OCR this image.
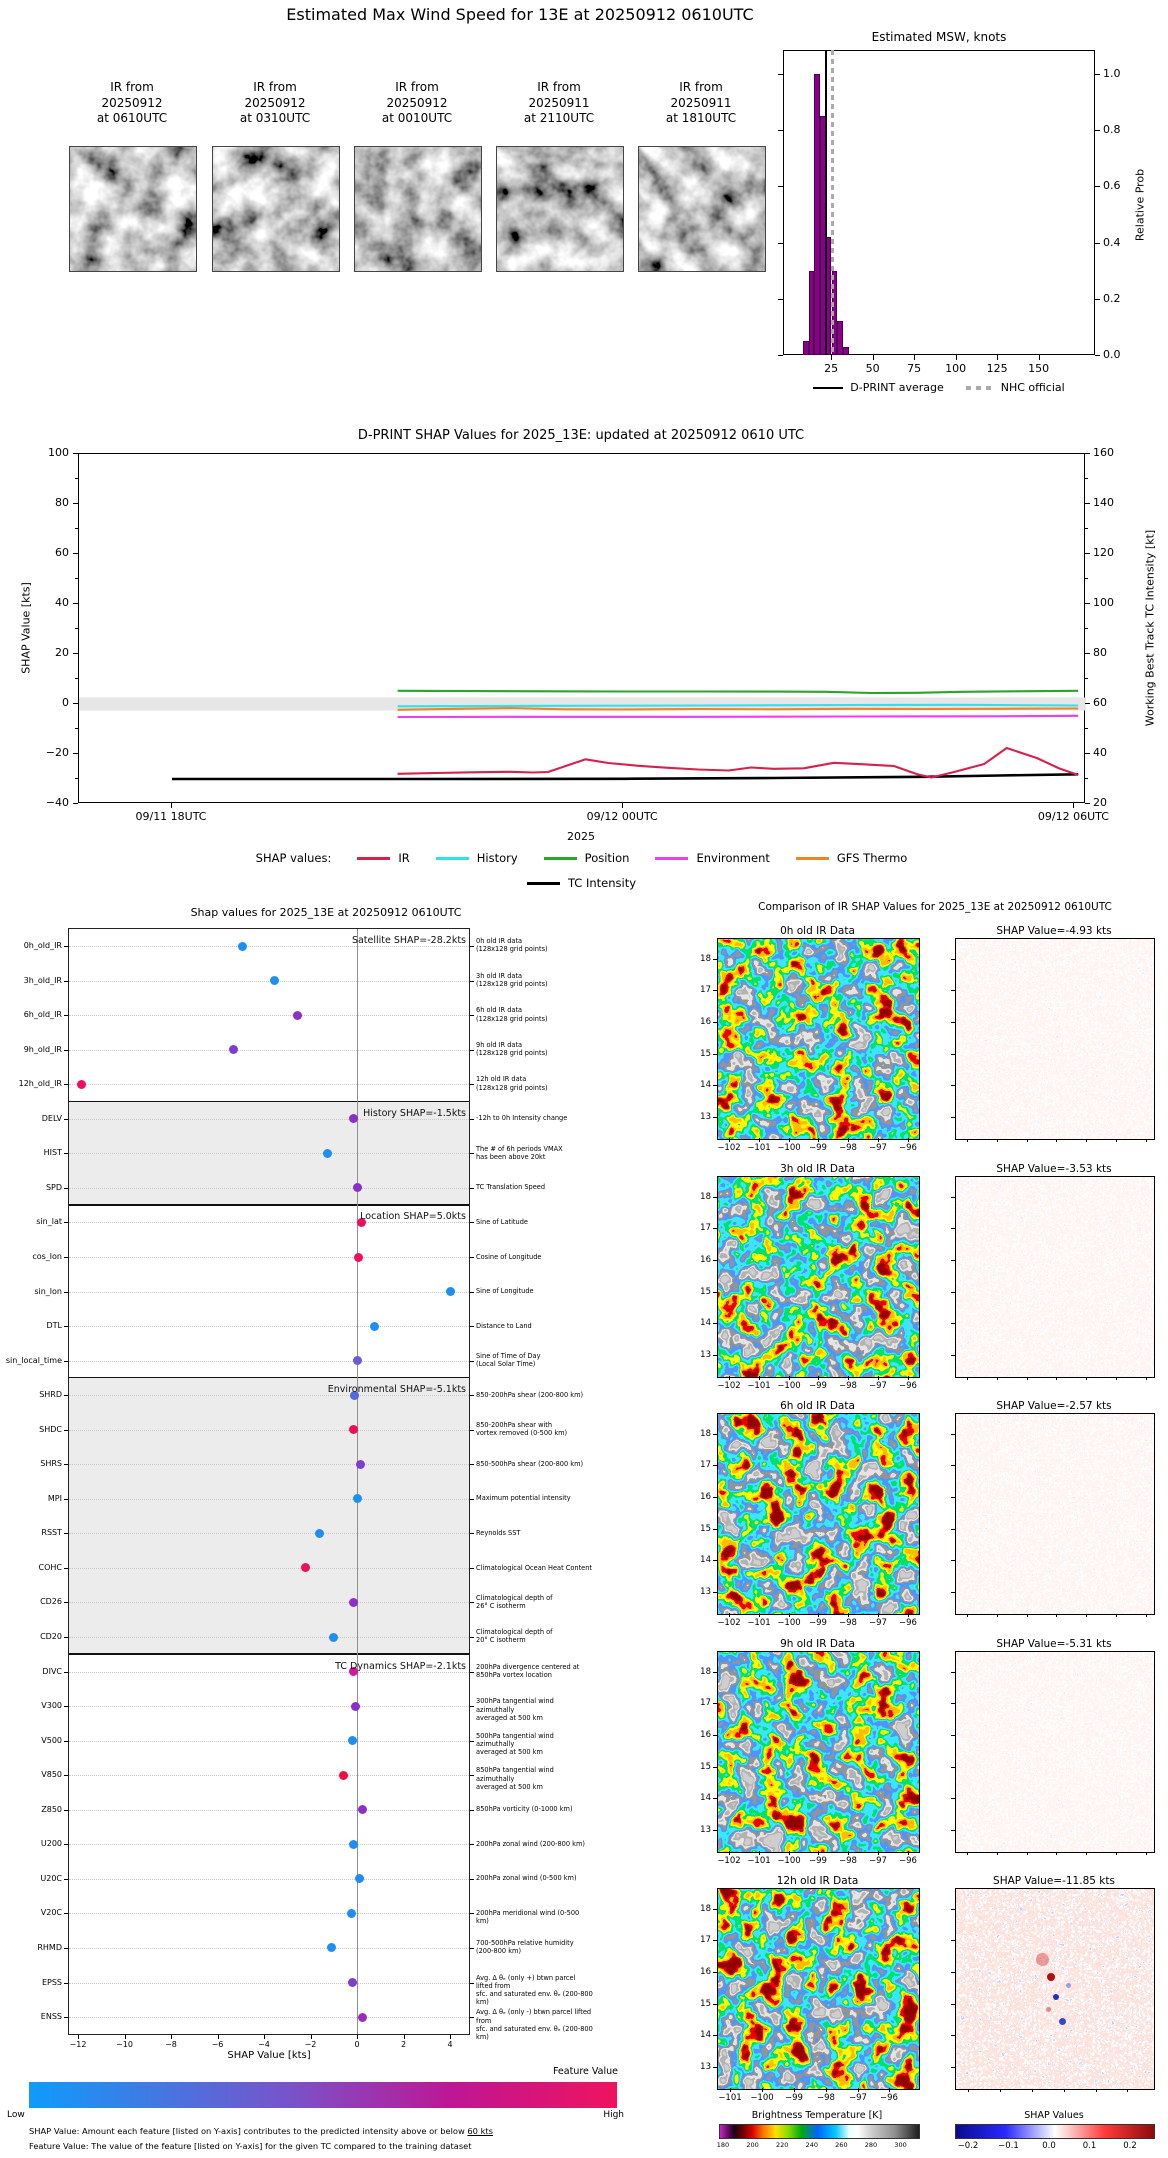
Estimated Max Wind Speed for 13E at 20250912 0610UTC
Estimated MSW, knots
Relative Prob
IR from
20250912
at 0610UTC
IR from
20250912
at 0310UTC
IR from
20250912
at 0010UTC
IR from
20250911
at 2110UTC
IR from
20250911
at 1810UTC
25	50	75	100	125	150
0.0
0.2
0.4
0.6
0.8
1.0
D-PRINT average	NHC official
D-PRINT SHAP Values for 2025_13E: updated at 20250912 0610 UTC
SHAP Value [kts]	Working Best Track TC Intensity [kt]
2025
100	160
80	140
60	120
40	100
20	80
0	60
−20	40
−40	20
09/11 18UTC	09/12 00UTC	09/12 06UTC
SHAP values:	IR	History	Position	Environment	GFS Thermo
TC Intensity
Shap values for 2025_13E at 20250912 0610UTC
SHAP Value [kts]
0h_old_IR	0h old IR data
(128x128 grid points)
3h_old_IR	3h old IR data
(128x128 grid points)
6h_old_IR	6h old IR data
(128x128 grid points)
9h_old_IR	9h old IR data
(128x128 grid points)
12h_old_IR	12h old IR data
(128x128 grid points)
DELV	-12h to 0h Intensity change
HIST	The # of 6h periods VMAX
has been above 20kt
SPD	TC Translation Speed
sin_lat	Sine of Latitude
cos_lon	Cosine of Longitude
sin_lon	Sine of Longitude
DTL	Distance to Land
sin_local_time	Sine of Time of Day
(Local Solar Time)
SHRD	850-200hPa shear (200-800 km)
SHDC	850-200hPa shear with
vortex removed (0-500 km)
SHRS	850-500hPa shear (200-800 km)
MPI	Maximum potential intensity
RSST	Reynolds SST
COHC	Climatological Ocean Heat Content
CD26	Climatological depth of
26° C isotherm
CD20	Climatological depth of
20° C isotherm
DIVC	200hPa divergence centered at
850hPa vortex location
V300	300hPa tangential wind azimuthally
averaged at 500 km
V500	500hPa tangential wind azimuthally
averaged at 500 km
V850	850hPa tangential wind azimuthally
averaged at 500 km
Z850	850hPa vorticity (0-1000 km)
U200	200hPa zonal wind (200-800 km)
U20C	200hPa zonal wind (0-500 km)
V20C	200hPa meridional wind (0-500 km)
RHMD	700-500hPa relative humidity
(200-800 km)
EPSS	Avg. Δ θₑ (only +) btwn parcel lifted from
sfc. and saturated env. θₑ (200-800 km)
ENSS	Avg. Δ θₑ (only -) btwn parcel lifted from
sfc. and saturated env. θₑ (200-800 km)
Satellite SHAP=-28.2kts
History SHAP=-1.5kts
Location SHAP=5.0kts
Environmental SHAP=-5.1kts
TC Dynamics SHAP=-2.1kts
−12	−10	−8	−6	−4	−2	0	2	4
Feature Value
Low	High
SHAP Value: Amount each feature [listed on Y-axis] contributes to the predicted intensity above or below 60 kts
Feature Value: The value of the feature [listed on Y-axis] for the given TC compared to the training dataset
Comparison of IR SHAP Values for 2025_13E at 20250912 0610UTC
0h old IR Data
18
17
16
15
14
13
−102 −101 −100 −99	−98	−97	−96
SHAP Value=-4.93 kts
3h old IR Data
18
17
16
15
14
13
−102 −101 −100 −99	−98	−97	−96
SHAP Value=-3.53 kts
6h old IR Data
18
17
16
15
14
13
−102 −101 −100 −99	−98	−97	−96
SHAP Value=-2.57 kts
9h old IR Data
18
17
16
15
14
13
−102 −101 −100 −99	−98	−97	−96
SHAP Value=-5.31 kts
12h old IR Data
18
17
16
15
14
13
−101	−100	−99	−98	−97	−96
SHAP Value=-11.85 kts
180	200	220	240	260	280	300	−0.2	−0.1	0.0	0.1	0.2
Brightness Temperature [K]	SHAP Values
